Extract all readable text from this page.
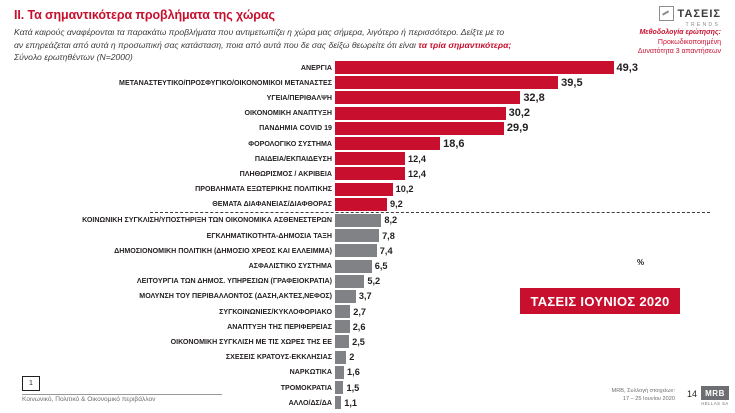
II. Τα σημαντικότερα προβλήματα της χώρας
Κατά καιρούς αναφέρονται τα παρακάτω προβλήματα που αντιμετωπίζει η χώρα μας σήμερα, λιγότερο ή περισσότερο. Δείξτε με το αν επηρεάζεται από αυτά η προσωπική σας κατάσταση, ποια από αυτά που δε σας δείξω θεωρείτε ότι είναι τα τρία σημαντικότερα;
Σύνολο ερωτηθέντων (Ν=2000)
Μεθοδολογία ερώτησης:
Προκωδικοποιημένη
Δυνατότητα 3 απαντήσεων
ΤΑΣΕΙΣ
TRENDS
ΑΝΕΡΓΙΑ	49,3
ΜΕΤΑΝΑΣΤΕΥΤΙΚΟ/ΠΡΟΣΦΥΓΙΚΟ/ΟΙΚΟΝΟΜΙΚΟΙ ΜΕΤΑΝΑΣΤΕΣ	39,5
ΥΓΕΙΑ/ΠΕΡΙΘΑΛΨΗ	32,8
ΟΙΚΟΝΟΜΙΚΗ ΑΝΑΠΤΥΞΗ	30,2
ΠΑΝΔΗΜΙΑ COVID 19	29,9
ΦΟΡΟΛΟΓΙΚΟ ΣΥΣΤΗΜΑ	18,6
ΠΑΙΔΕΙΑ/ΕΚΠΑΙΔΕΥΣΗ	12,4
ΠΛΗΘΩΡΙΣΜΟΣ / ΑΚΡΙΒΕΙΑ	12,4
ΠΡΟΒΛΗΜΑΤΑ ΕΞΩΤΕΡΙΚΗΣ ΠΟΛΙΤΙΚΗΣ	10,2
ΘΕΜΑΤΑ ΔΙΑΦΑΝΕΙΑΣ/ΔΙΑΦΘΟΡΑΣ	9,2
ΚΟΙΝΩΝΙΚΗ ΣΥΓΚΛΙΣΗ/ΥΠΟΣΤΗΡΙΞΗ ΤΩΝ ΟΙΚΟΝΟΜΙΚΑ ΑΣΘΕΝΕΣΤΕΡΩΝ	8,2
ΕΓΚΛΗΜΑΤΙΚΟΤΗΤΑ-ΔΗΜΟΣΙΑ ΤΑΞΗ	7,8
ΔΗΜΟΣΙΟΝΟΜΙΚΗ ΠΟΛΙΤΙΚΗ (ΔΗΜΟΣΙΟ ΧΡΕΟΣ ΚΑΙ ΕΛΛΕΙΜΜΑ)	7,4
ΑΣΦΑΛΙΣΤΙΚΟ ΣΥΣΤΗΜΑ	6,5
ΛΕΙΤΟΥΡΓΙΑ ΤΩΝ ΔΗΜΟΣ. ΥΠΗΡΕΣΙΩΝ (ΓΡΑΦΕΙΟΚΡΑΤΙΑ)	5,2
ΜΟΛΥΝΣΗ ΤΟΥ ΠΕΡΙΒΑΛΛΟΝΤΟΣ (ΔΑΣΗ,ΑΚΤΕΣ,ΝΕΦΟΣ)	3,7
ΣΥΓΚΟΙΝΩΝΙΕΣ/ΚΥΚΛΟΦΟΡΙΑΚΟ 2,7
ΑΝΑΠΤΥΞΗ ΤΗΣ ΠΕΡΙΦΕΡΕΙΑΣ 2,6
ΟΙΚΟΝΟΜΙΚΗ ΣΥΓΚΛΙΣΗ ΜΕ ΤΙΣ ΧΩΡΕΣ ΤΗΣ ΕΕ 2,5
ΣΧΕΣΕΙΣ ΚΡΑΤΟΥΣ-ΕΚΚΛΗΣΙΑΣ 2
ΝΑΡΚΩΤΙΚΑ 1,6
ΤΡΟΜΟΚΡΑΤΙΑ 1,5
ΑΛΛΟ/ΔΣ/ΔΑ 1,1
%
ΤΑΣΕΙΣ ΙΟΥΝΙΟΣ 2020
1
Κοινωνικό, Πολιτικό & Οικονομικό περιβάλλον
MRB, Συλλογή στοιχείων:
17 – 25 Ιουνίου 2020 14	MRB
HELLAS SA
